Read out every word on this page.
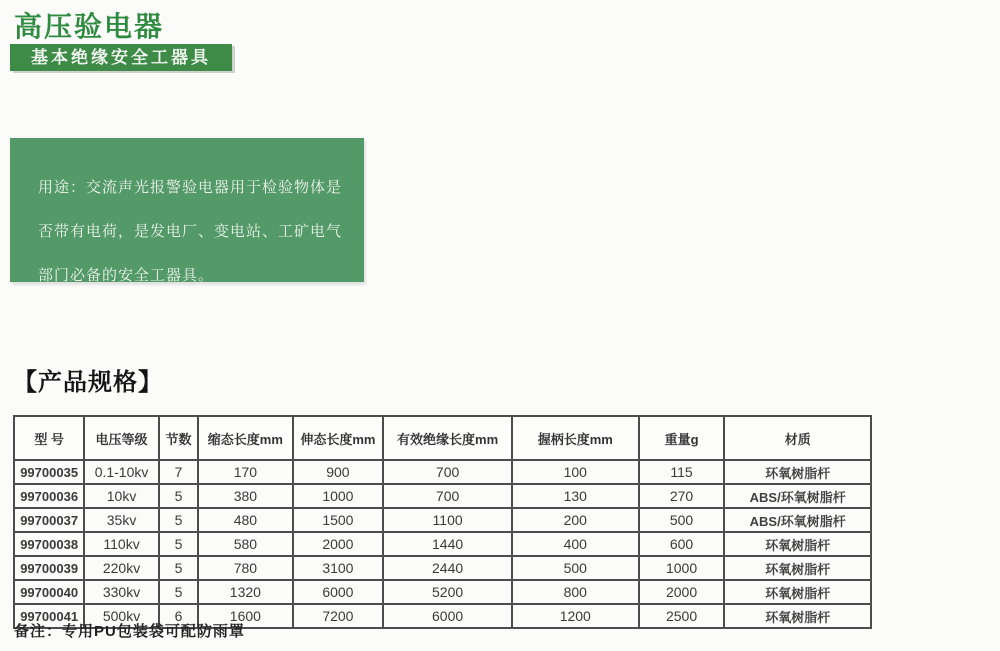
高压验电器
基本绝缘安全工器具
用途：交流声光报警验电器用于检验物体是
否带有电荷，是发电厂、变电站、工矿电气
部门必备的安全工器具。
【产品规格】
型 号	电压等级	节数	缩态长度mm	伸态长度mm	有效绝缘长度mm	握柄长度mm	重量g	材质
99700035	0.1-10kv	7	170	900	700	100	115	环氧树脂杆
99700036	10kv	5	380	1000	700	130	270	ABS/环氧树脂杆
99700037	35kv	5	480	1500	1100	200	500	ABS/环氧树脂杆
99700038	110kv	5	580	2000	1440	400	600	环氧树脂杆
99700039	220kv	5	780	3100	2440	500	1000	环氧树脂杆
99700040	330kv	5	1320	6000	5200	800	2000	环氧树脂杆
99700041	500kv	6	1600	7200	6000	1200	2500	环氧树脂杆
备注：专用PU包装袋可配防雨罩
